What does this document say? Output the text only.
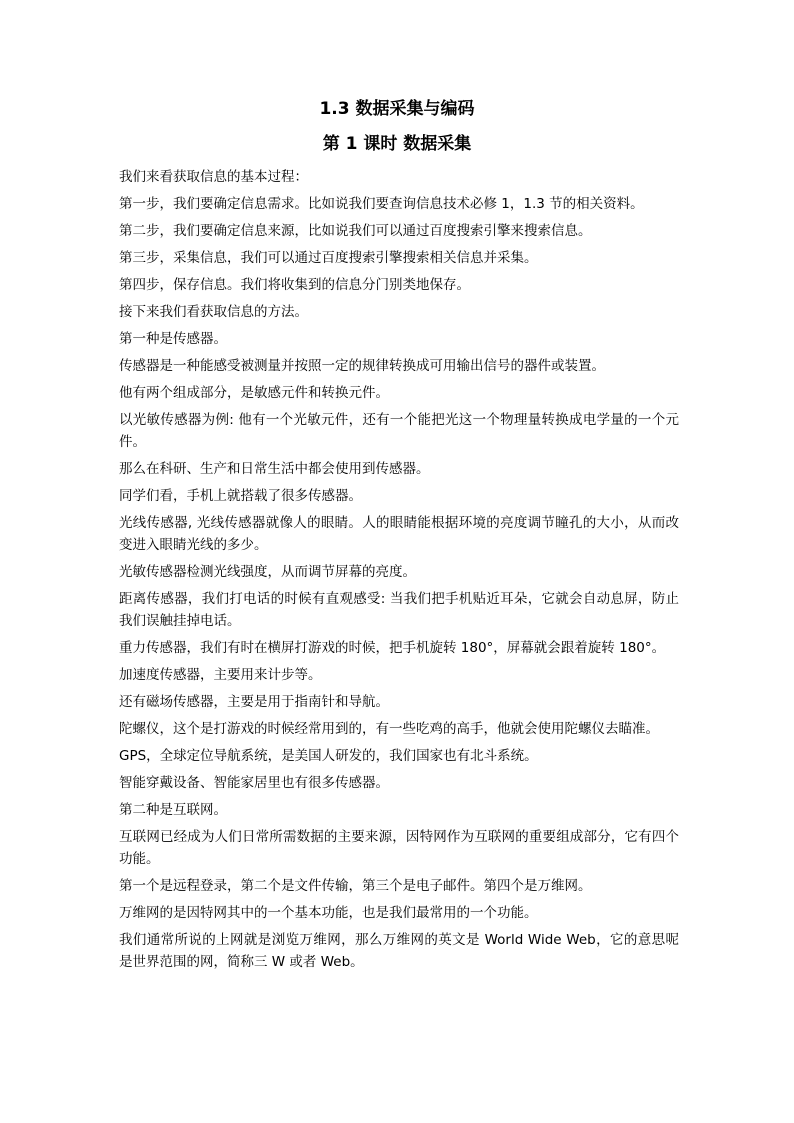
1.3 数据采集与编码
第 1 课时 数据采集

我们来看获取信息的基本过程：

第一步，我们要确定信息需求。比如说我们要查询信息技术必修 1，1.3 节的相关资料。

第二步，我们要确定信息来源，比如说我们可以通过百度搜索引擎来搜索信息。

第三步，采集信息，我们可以通过百度搜索引擎搜索相关信息并采集。

第四步，保存信息。我们将收集到的信息分门别类地保存。

接下来我们看获取信息的方法。

第一种是传感器。

传感器是一种能感受被测量并按照一定的规律转换成可用输出信号的器件或装置。

他有两个组成部分，是敏感元件和转换元件。

以光敏传感器为例: 他有一个光敏元件，还有一个能把光这一个物理量转换成电学量的一个元件。

那么在科研、生产和日常生活中都会使用到传感器。

同学们看，手机上就搭载了很多传感器。

光线传感器, 光线传感器就像人的眼睛。人的眼睛能根据环境的亮度调节瞳孔的大小，从而改变进入眼睛光线的多少。

光敏传感器检测光线强度，从而调节屏幕的亮度。

距离传感器，我们打电话的时候有直观感受: 当我们把手机贴近耳朵，它就会自动息屏，防止我们误触挂掉电话。

重力传感器，我们有时在横屏打游戏的时候，把手机旋转 180°，屏幕就会跟着旋转 180°。

加速度传感器，主要用来计步等。

还有磁场传感器，主要是用于指南针和导航。

陀螺仪，这个是打游戏的时候经常用到的，有一些吃鸡的高手，他就会使用陀螺仪去瞄准。

GPS，全球定位导航系统，是美国人研发的，我们国家也有北斗系统。

智能穿戴设备、智能家居里也有很多传感器。

第二种是互联网。

互联网已经成为人们日常所需数据的主要来源，因特网作为互联网的重要组成部分，它有四个功能。

第一个是远程登录，第二个是文件传输，第三个是电子邮件。第四个是万维网。

万维网的是因特网其中的一个基本功能，也是我们最常用的一个功能。

我们通常所说的上网就是浏览万维网，那么万维网的英文是 World Wide Web，它的意思呢是世界范围的网，简称三 W 或者 Web。
